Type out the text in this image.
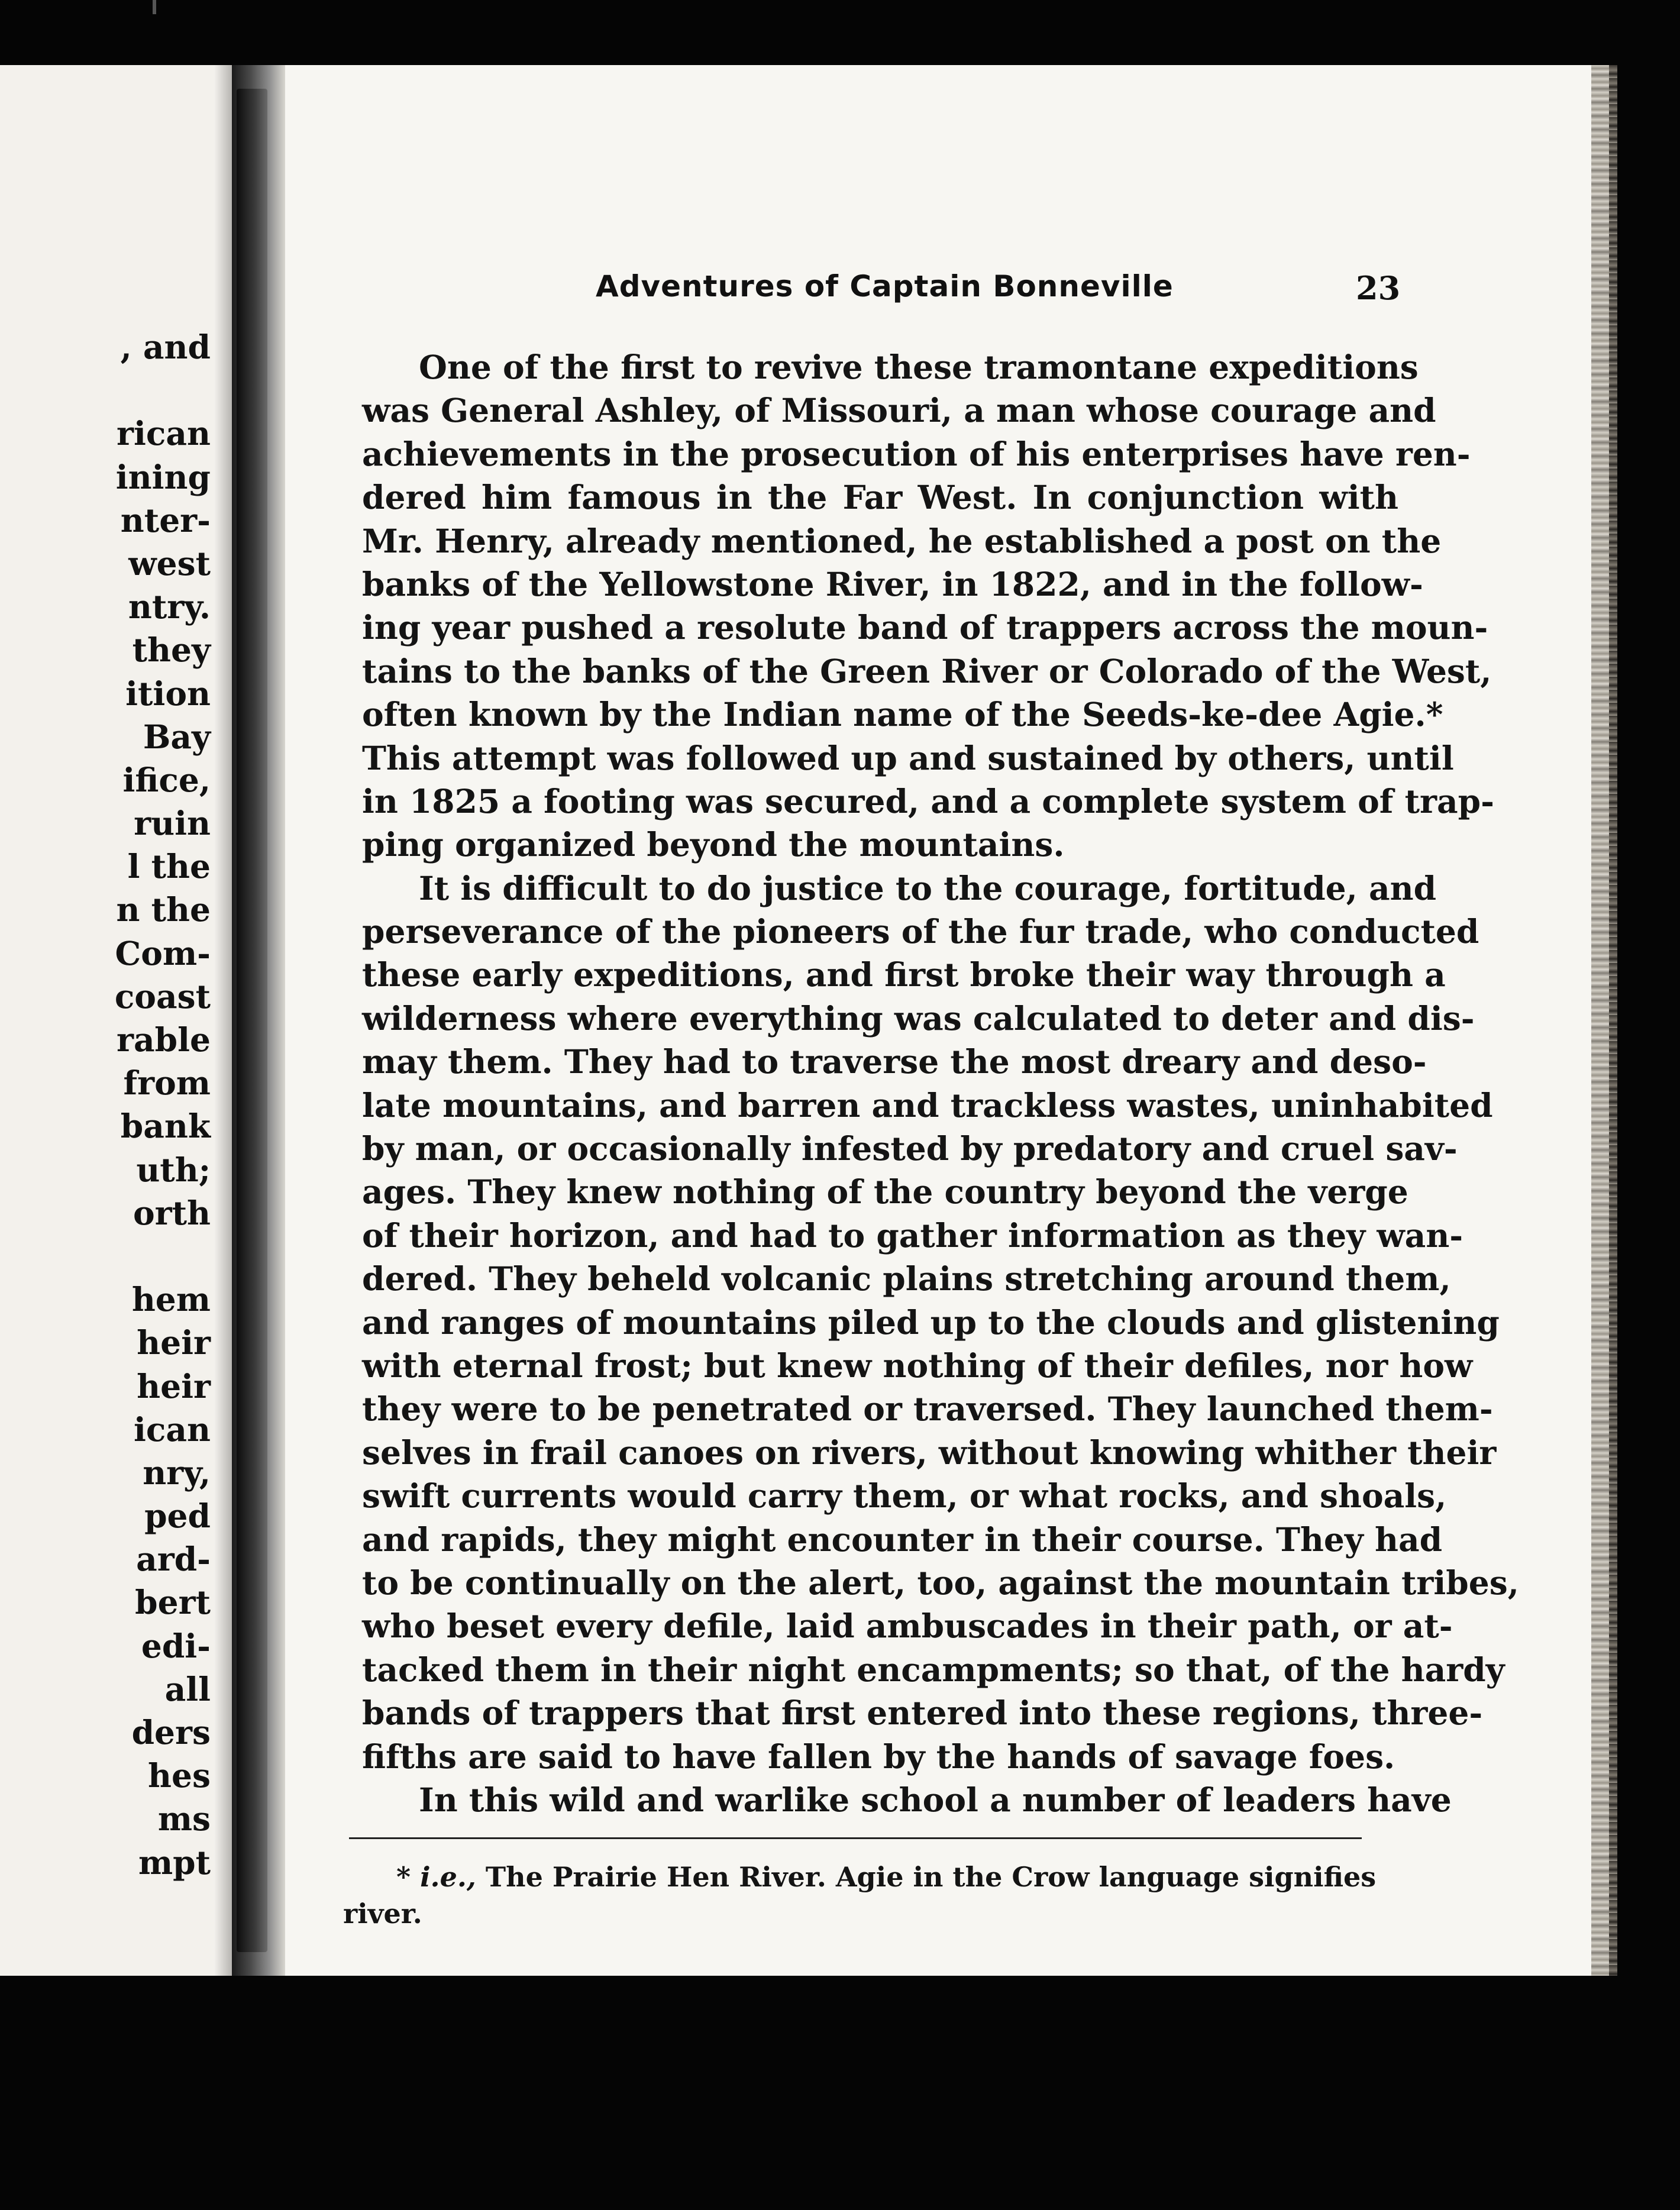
, and
rican
ining
nter-
west
ntry.
they
ition
Bay
ifice,
ruin
l the
n the
Com-
coast
rable
from
bank
uth;
orth
hem
heir
heir
ican
nry,
ped
ard-
bert
edi-
all
ders
hes
ms
mpt
Adventures of Captain Bonneville	23
One of the first to revive these tramontane expeditions
was General Ashley, of Missouri, a man whose courage and
achievements in the prosecution of his enterprises have ren-
dered him famous in the Far West. In conjunction with
Mr. Henry, already mentioned, he established a post on the
banks of the Yellowstone River, in 1822, and in the follow-
ing year pushed a resolute band of trappers across the moun-
tains to the banks of the Green River or Colorado of the West,
often known by the Indian name of the Seeds-ke-dee Agie.*
This attempt was followed up and sustained by others, until
in 1825 a footing was secured, and a complete system of trap-
ping organized beyond the mountains.
It is difficult to do justice to the courage, fortitude, and
perseverance of the pioneers of the fur trade, who conducted
these early expeditions, and first broke their way through a
wilderness where everything was calculated to deter and dis-
may them. They had to traverse the most dreary and deso-
late mountains, and barren and trackless wastes, uninhabited
by man, or occasionally infested by predatory and cruel sav-
ages. They knew nothing of the country beyond the verge
of their horizon, and had to gather information as they wan-
dered. They beheld volcanic plains stretching around them,
and ranges of mountains piled up to the clouds and glistening
with eternal frost; but knew nothing of their defiles, nor how
they were to be penetrated or traversed. They launched them-
selves in frail canoes on rivers, without knowing whither their
swift currents would carry them, or what rocks, and shoals,
and rapids, they might encounter in their course. They had
to be continually on the alert, too, against the mountain tribes,
who beset every defile, laid ambuscades in their path, or at-
tacked them in their night encampments; so that, of the hardy
bands of trappers that first entered into these regions, three-
fifths are said to have fallen by the hands of savage foes.
In this wild and warlike school a number of leaders have
* i.e., The Prairie Hen River. Agie in the Crow language signifies
river.
